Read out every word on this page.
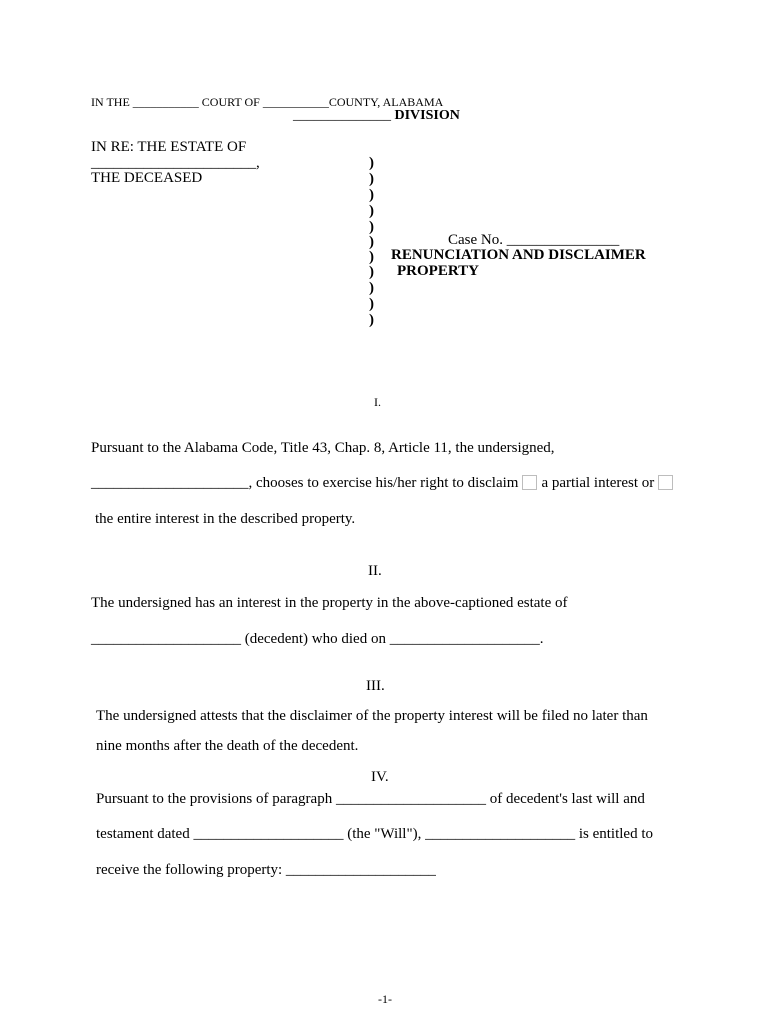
IN THE ___________ COURT OF ___________COUNTY, ALABAMA
______________ DIVISION
IN RE: THE ESTATE OF
______________________,
THE DECEASED
)
)
)
)
)
)
)
)
)
)
)
Case No. _______________
RENUNCIATION AND DISCLAIMER
PROPERTY
I.
Pursuant to the Alabama Code, Title 43, Chap. 8, Article 11, the undersigned,
_____________________, chooses to exercise his/her right to disclaim a partial interest or
the entire interest in the described property.
II.
The undersigned has an interest in the property in the above-captioned estate of
____________________ (decedent) who died on ____________________.
III.
The undersigned attests that the disclaimer of the property interest will be filed no later than
nine months after the death of the decedent.
IV.
Pursuant to the provisions of paragraph ____________________ of decedent's last will and
testament dated ____________________ (the "Will"), ____________________ is entitled to
receive the following property: ____________________
-1-
